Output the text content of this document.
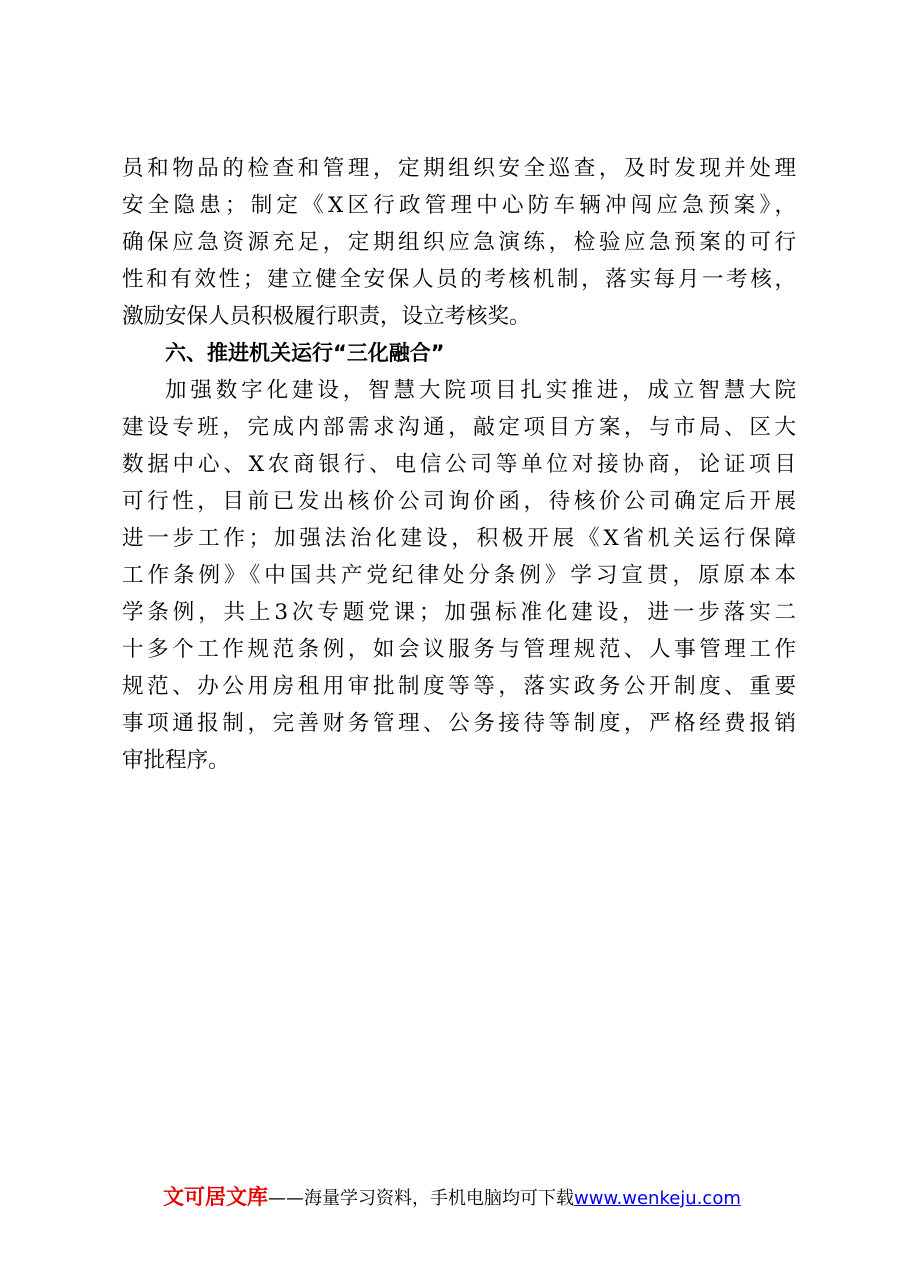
员和物品的检查和管理，定期组织安全巡查，及时发现并处理
安全隐患；制定《X区行政管理中心防车辆冲闯应急预案》，
确保应急资源充足，定期组织应急演练，检验应急预案的可行
性和有效性；建立健全安保人员的考核机制，落实每月一考核，
激励安保人员积极履行职责，设立考核奖。
六、推进机关运行“三化融合”
加强数字化建设，智慧大院项目扎实推进，成立智慧大院
建设专班，完成内部需求沟通，敲定项目方案，与市局、区大
数据中心、X农商银行、电信公司等单位对接协商，论证项目
可行性，目前已发出核价公司询价函，待核价公司确定后开展
进一步工作；加强法治化建设，积极开展《X省机关运行保障
工作条例》《中国共产党纪律处分条例》学习宣贯，原原本本
学条例，共上3次专题党课；加强标准化建设，进一步落实二
十多个工作规范条例，如会议服务与管理规范、人事管理工作
规范、办公用房租用审批制度等等，落实政务公开制度、重要
事项通报制，完善财务管理、公务接待等制度，严格经费报销
审批程序。
文可居文库——海量学习资料，手机电脑均可下载www.wenkeju.com
